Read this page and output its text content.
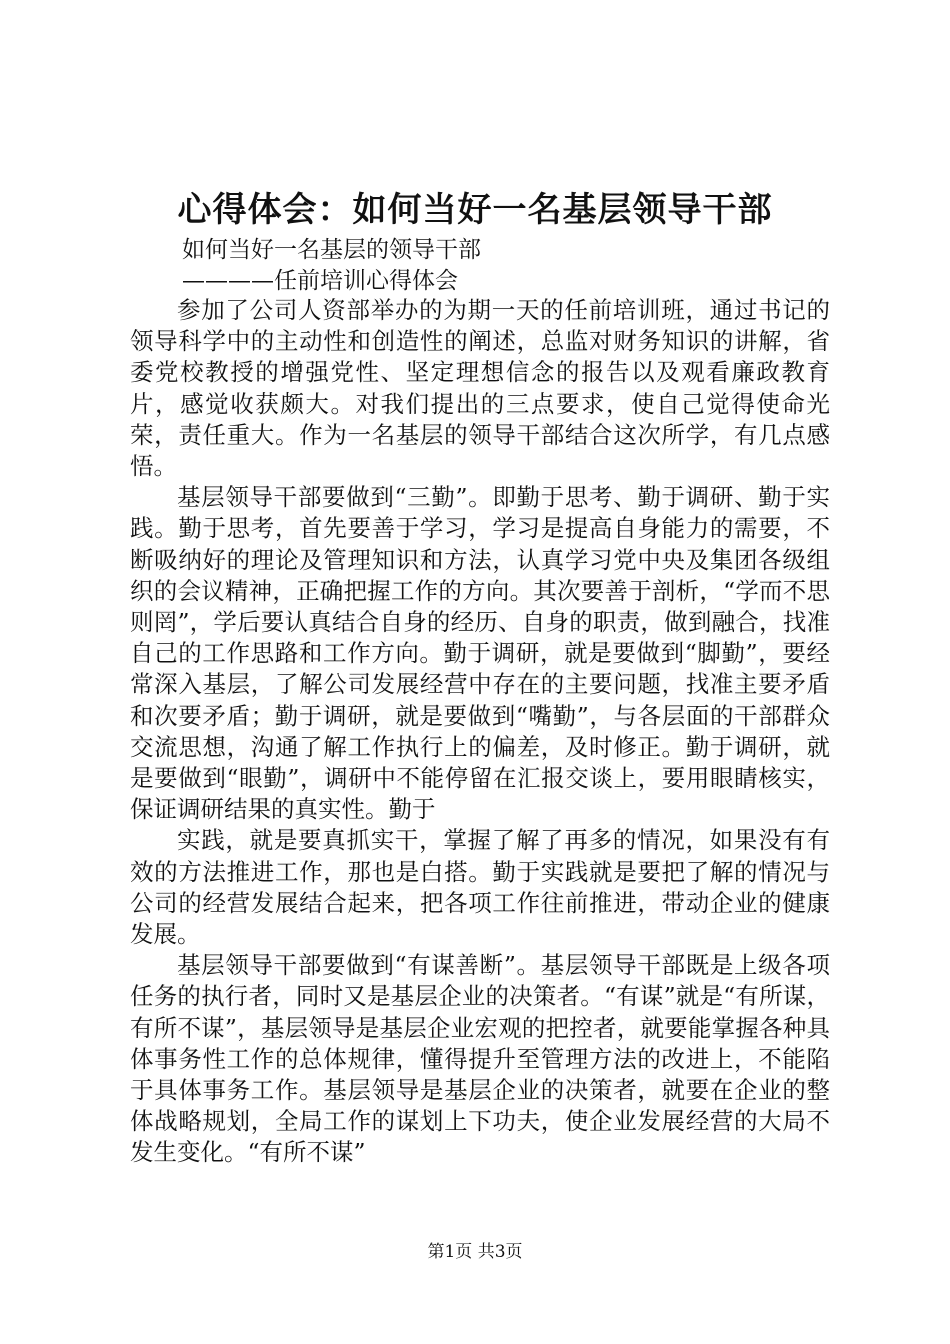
心得体会：如何当好一名基层领导干部
如何当好一名基层的领导干部
————任前培训心得体会

参加了公司人资部举办的为期一天的任前培训班，通过书记的领导科学中的主动性和创造性的阐述，总监对财务知识的讲解，省委党校教授的增强党性、坚定理想信念的报告以及观看廉政教育片，感觉收获颇大。对我们提出的三点要求，使自己觉得使命光荣，责任重大。作为一名基层的领导干部结合这次所学，有几点感悟。

基层领导干部要做到“三勤”。即勤于思考、勤于调研、勤于实践。勤于思考，首先要善于学习，学习是提高自身能力的需要，不断吸纳好的理论及管理知识和方法，认真学习党中央及集团各级组织的会议精神，正确把握工作的方向。其次要善于剖析，“学而不思则罔”，学后要认真结合自身的经历、自身的职责，做到融合，找准自己的工作思路和工作方向。勤于调研，就是要做到“脚勤”，要经常深入基层，了解公司发展经营中存在的主要问题，找准主要矛盾和次要矛盾；勤于调研，就是要做到“嘴勤”，与各层面的干部群众交流思想，沟通了解工作执行上的偏差，及时修正。勤于调研，就是要做到“眼勤”，调研中不能停留在汇报交谈上，要用眼睛核实，保证调研结果的真实性。勤于

实践，就是要真抓实干，掌握了解了再多的情况，如果没有有效的方法推进工作，那也是白搭。勤于实践就是要把了解的情况与公司的经营发展结合起来，把各项工作往前推进，带动企业的健康发展。

基层领导干部要做到“有谋善断”。基层领导干部既是上级各项任务的执行者，同时又是基层企业的决策者。“有谋”就是“有所谋，有所不谋”，基层领导是基层企业宏观的把控者，就要能掌握各种具体事务性工作的总体规律，懂得提升至管理方法的改进上，不能陷于具体事务工作。基层领导是基层企业的决策者，就要在企业的整体战略规划，全局工作的谋划上下功夫，使企业发展经营的大局不发生变化。“有所不谋”

第1页 共3页
